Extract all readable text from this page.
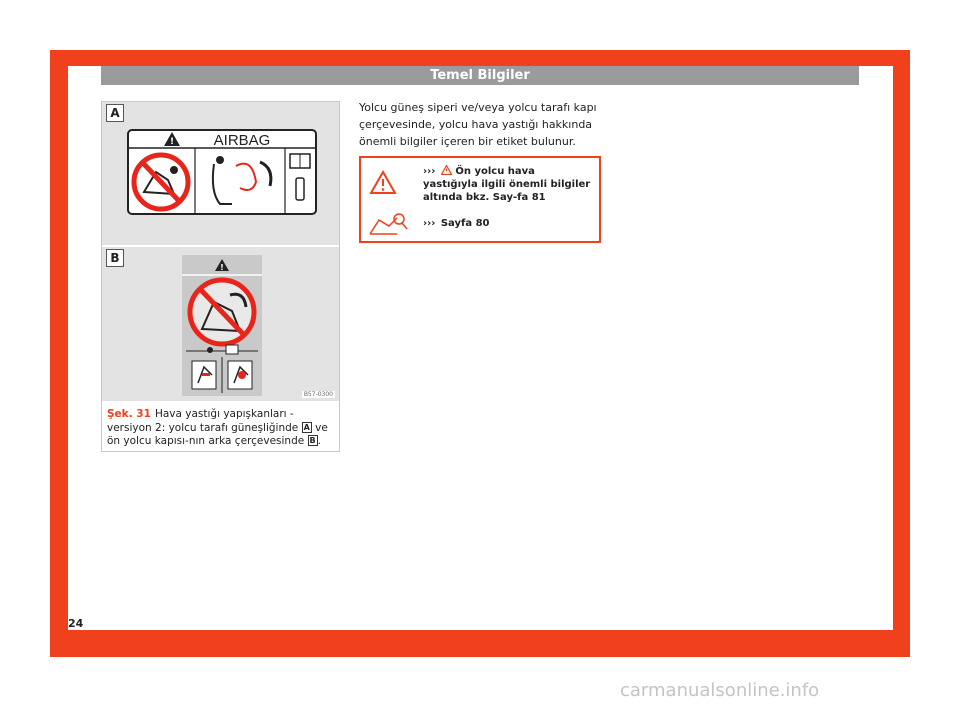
Temel Bilgiler
A
!	AIRBAG
B
!
B57-0300
Şek. 31 Hava yastığı yapışkanları - versiyon 2: yolcu tarafı güneşliğinde A ve ön yolcu kapısı-nın arka çerçevesinde B .
Yolcu güneş siperi ve/veya yolcu tarafı kapı çerçevesinde, yolcu hava yastığı hakkında önemli bilgiler içeren bir etiket bulunur.
››› Ön yolcu hava yastığıyla ilgili önemli bilgiler altında bkz. Say-fa 81
››› Sayfa 80
24
carmanualsonline.info
